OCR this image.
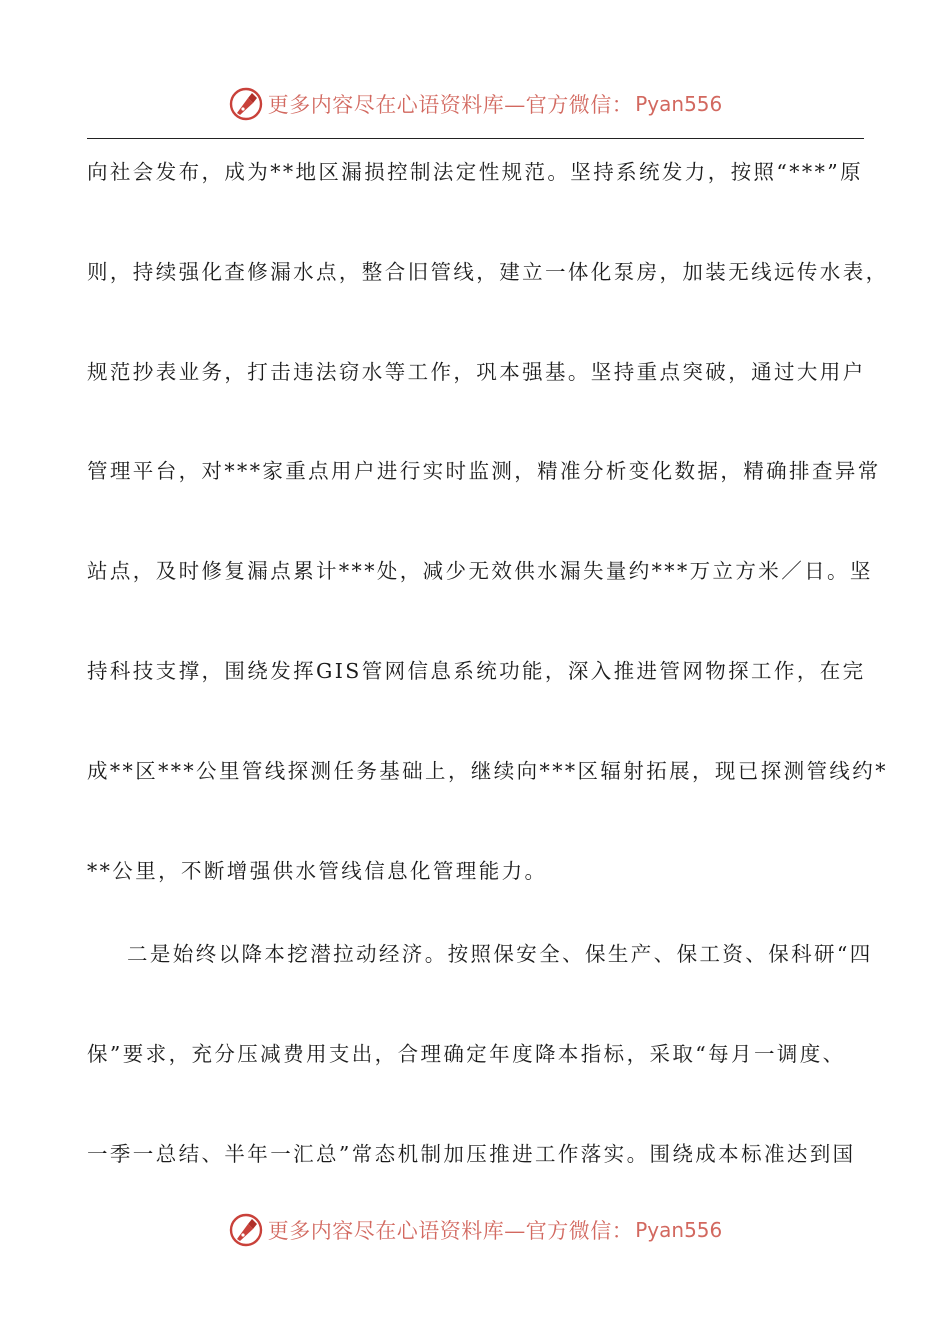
更多内容尽在心语资料库—官方微信： Pyan556
向社会发布，成为**地区漏损控制法定性规范。坚持系统发力，按照“***”原
则，持续强化查修漏水点，整合旧管线，建立一体化泵房，加装无线远传水表，
规范抄表业务，打击违法窃水等工作，巩本强基。坚持重点突破，通过大用户
管理平台，对***家重点用户进行实时监测，精准分析变化数据，精确排查异常
站点，及时修复漏点累计***处，减少无效供水漏失量约***万立方米／日。坚
持科技支撑，围绕发挥GIS管网信息系统功能，深入推进管网物探工作，在完
成**区***公里管线探测任务基础上，继续向***区辐射拓展，现已探测管线约*
**公里，不断增强供水管线信息化管理能力。
二是始终以降本挖潜拉动经济。按照保安全、保生产、保工资、保科研“四
保”要求，充分压减费用支出，合理确定年度降本指标，采取“每月一调度、
一季一总结、半年一汇总”常态机制加压推进工作落实。围绕成本标准达到国
更多内容尽在心语资料库—官方微信： Pyan556
